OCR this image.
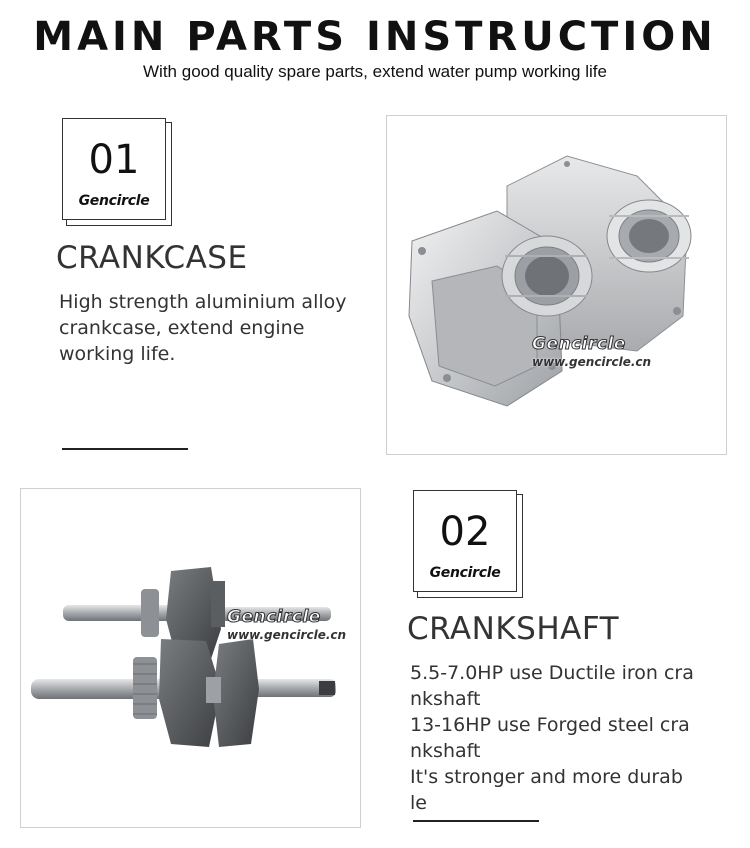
MAIN PARTS INSTRUCTION
With good quality spare parts, extend water pump working life
01
Gencircle
CRANKCASE
High strength aluminium alloy
crankcase, extend engine
working life.	Gencircle
www.gencircle.cn
Gencircle
www.gencircle.cn
02
Gencircle
CRANKSHAFT
5.5-7.0HP use Ductile iron cra
nkshaft
13-16HP use Forged steel cra
nkshaft
It's stronger and more durab
le
